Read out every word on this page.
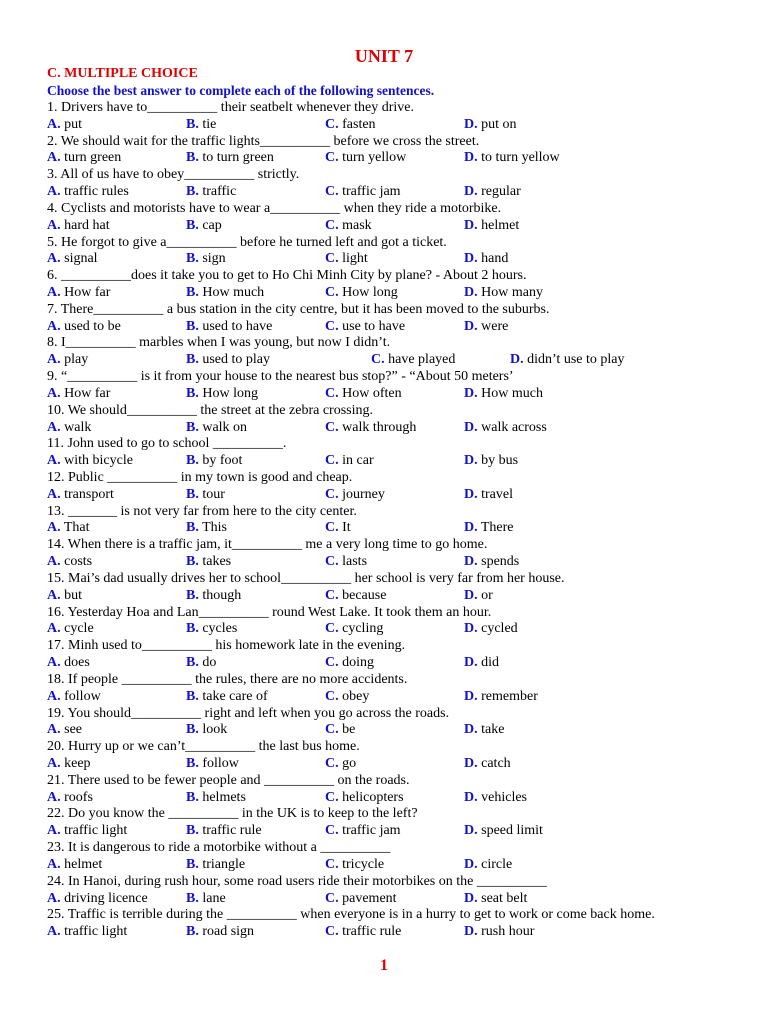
UNIT 7
C. MULTIPLE CHOICE
Choose the best answer to complete each of the following sentences.
1. Drivers have to__________ their seatbelt whenever they drive.
A. put	B. tie	C. fasten	D. put on
2. We should wait for the traffic lights__________ before we cross the street.
A. turn green	B. to turn green	C. turn yellow	D. to turn yellow
3. All of us have to obey__________ strictly.
A. traffic rules	B. traffic	C. traffic jam	D. regular
4. Cyclists and motorists have to wear a__________ when they ride a motorbike.
A. hard hat	B. cap	C. mask	D. helmet
5. He forgot to give a__________ before he turned left and got a ticket.
A. signal	B. sign	C. light	D. hand
6. __________does it take you to get to Ho Chi Minh City by plane? - About 2 hours.
A. How far	B. How much	C. How long	D. How many
7. There__________ a bus station in the city centre, but it has been moved to the suburbs.
A. used to be	B. used to have	C. use to have	D. were
8. I__________ marbles when I was young, but now I didn’t.
A. play	B. used to play	C. have played	D. didn’t use to play
9. “__________ is it from your house to the nearest bus stop?” - “About 50 meters’
A. How far	B. How long	C. How often	D. How much
10. We should__________ the street at the zebra crossing.
A. walk	B. walk on	C. walk through	D. walk across
11. John used to go to school __________.
A. with bicycle	B. by foot	C. in car	D. by bus
12. Public __________ in my town is good and cheap.
A. transport	B. tour	C. journey	D. travel
13. _______ is not very far from here to the city center.
A. That	B. This	C. It	D. There
14. When there is a traffic jam, it__________ me a very long time to go home.
A. costs	B. takes	C. lasts	D. spends
15. Mai’s dad usually drives her to school__________ her school is very far from her house.
A. but	B. though	C. because	D. or
16. Yesterday Hoa and Lan__________ round West Lake. It took them an hour.
A. cycle	B. cycles	C. cycling	D. cycled
17. Minh used to__________ his homework late in the evening.
A. does	B. do	C. doing	D. did
18. If people __________ the rules, there are no more accidents.
A. follow	B. take care of	C. obey	D. remember
19. You should__________ right and left when you go across the roads.
A. see	B. look	C. be	D. take
20. Hurry up or we can’t__________ the last bus home.
A. keep	B. follow	C. go	D. catch
21. There used to be fewer people and __________ on the roads.
A. roofs	B. helmets	C. helicopters	D. vehicles
22. Do you know the __________ in the UK is to keep to the left?
A. traffic light	B. traffic rule	C. traffic jam	D. speed limit
23. It is dangerous to ride a motorbike without a __________
A. helmet	B. triangle	C. tricycle	D. circle
24. In Hanoi, during rush hour, some road users ride their motorbikes on the __________
A. driving licence	B. lane	C. pavement	D. seat belt
25. Traffic is terrible during the __________ when everyone is in a hurry to get to work or come back home.
A. traffic light	B. road sign	C. traffic rule	D. rush hour
1
